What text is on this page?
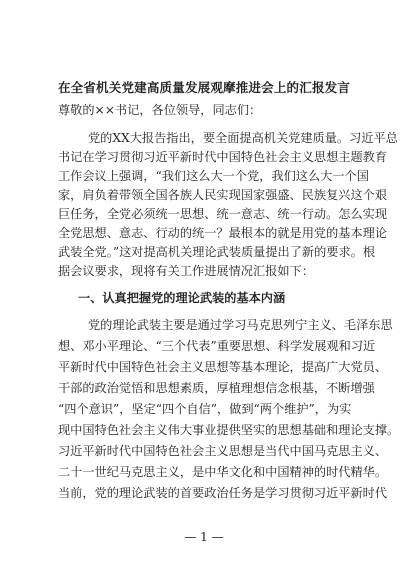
在全省机关党建高质量发展观摩推进会上的汇报发言
尊敬的××书记，各位领导，同志们：
党的XX大报告指出，要全面提高机关党建质量。习近平总
书记在学习贯彻习近平新时代中国特色社会主义思想主题教育
工作会议上强调，“我们这么大一个党，我们这么大一个国
家，肩负着带领全国各族人民实现国家强盛、民族复兴这个艰
巨任务，全党必须统一思想、统一意志、统一行动。怎么实现
全党思想、意志、行动的统一？最根本的就是用党的基本理论
武装全党。”这对提高机关理论武装质量提出了新的要求。根
据会议要求，现将有关工作进展情况汇报如下：
一、认真把握党的理论武装的基本内涵
党的理论武装主要是通过学习马克思列宁主义、毛泽东思
想、邓小平理论、“三个代表”重要思想、科学发展观和习近
平新时代中国特色社会主义思想等基本理论，提高广大党员、
干部的政治觉悟和思想素质，厚植理想信念根基，不断增强
“四个意识”，坚定“四个自信”，做到“两个维护”，为实
现中国特色社会主义伟大事业提供坚实的思想基础和理论支撑。
习近平新时代中国特色社会主义思想是当代中国马克思主义、
二十一世纪马克思主义，是中华文化和中国精神的时代精华。
当前，党的理论武装的首要政治任务是学习贯彻习近平新时代
— 1 —
